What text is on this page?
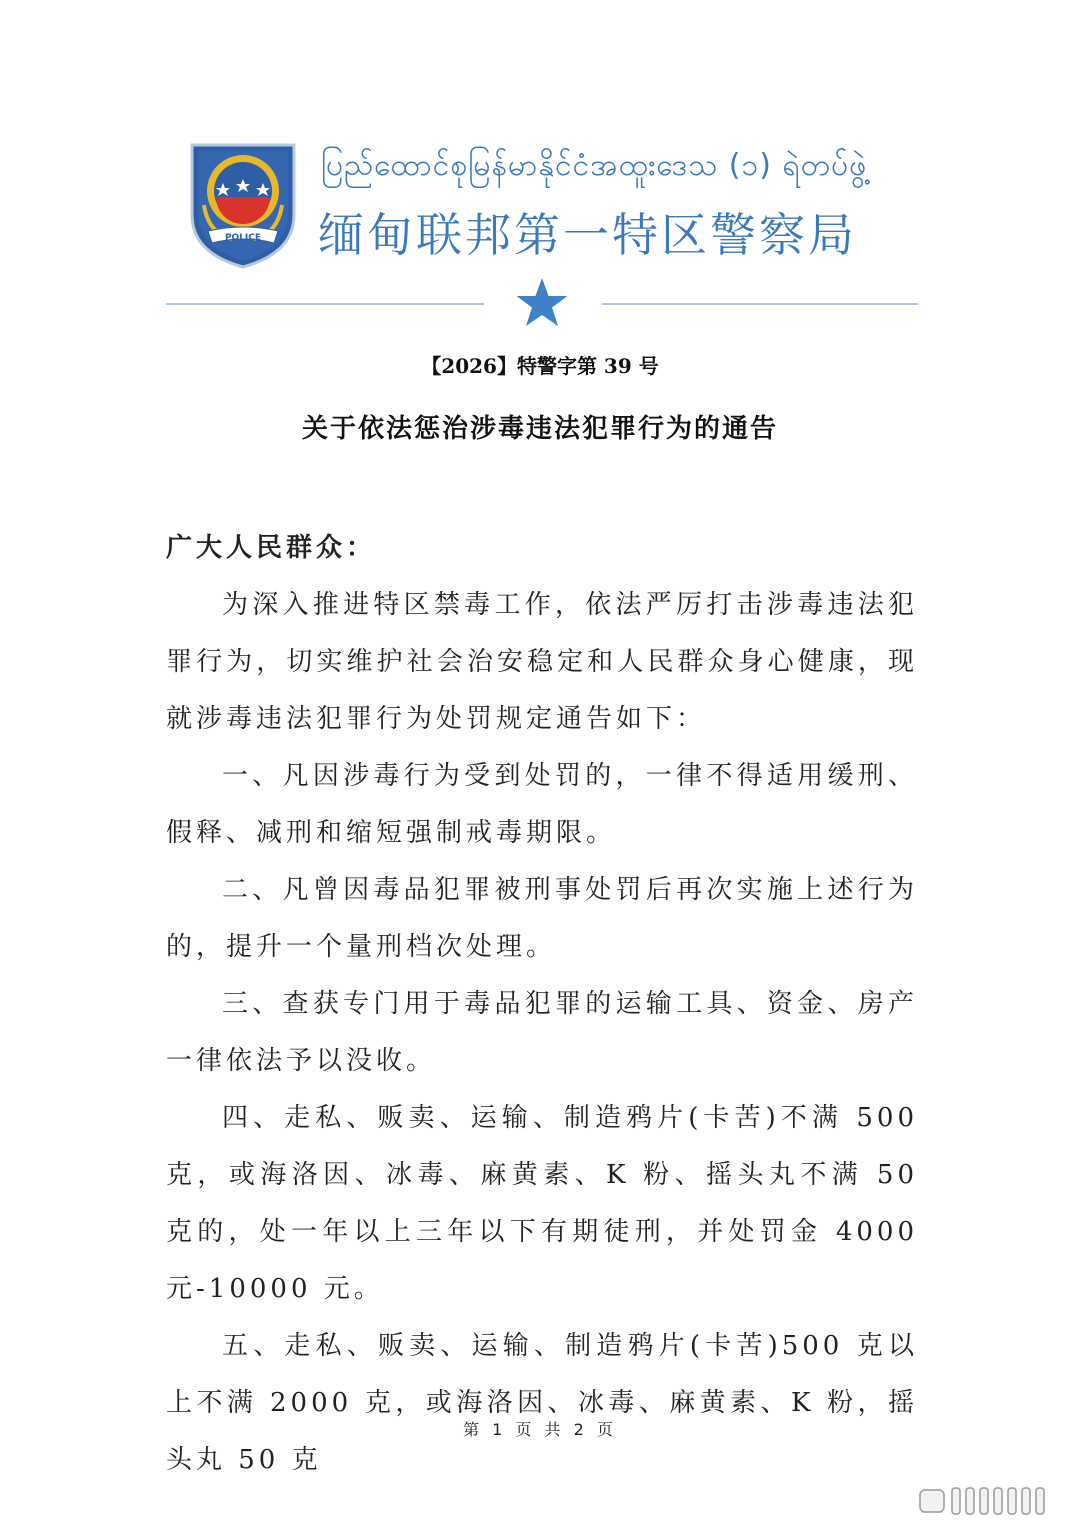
POLICE
ပြည်ထောင်စုမြန်မာနိုင်ငံအထူးဒေသ (၁) ရဲတပ်ဖွဲ့
缅甸联邦第一特区警察局
【2026】特警字第 39 号
关于依法惩治涉毒违法犯罪行为的通告

广大人民群众：

为深入推进特区禁毒工作，依法严厉打击涉毒违法犯罪行为，切实维护社会治安稳定和人民群众身心健康，现就涉毒违法犯罪行为处罚规定通告如下：

一、凡因涉毒行为受到处罚的，一律不得适用缓刑、假释、减刑和缩短强制戒毒期限。

二、凡曾因毒品犯罪被刑事处罚后再次实施上述行为的，提升一个量刑档次处理。

三、查获专门用于毒品犯罪的运输工具、资金、房产一律依法予以没收。

四、走私、贩卖、运输、制造鸦片(卡苦)不满 500 克，或海洛因、冰毒、麻黄素、K 粉、摇头丸不满 50 克的，处一年以上三年以下有期徒刑，并处罚金 4000 元-10000 元。

五、走私、贩卖、运输、制造鸦片(卡苦)500 克以上不满 2000 克，或海洛因、冰毒、麻黄素、K 粉，摇头丸 50 克

第 1 页 共 2 页
